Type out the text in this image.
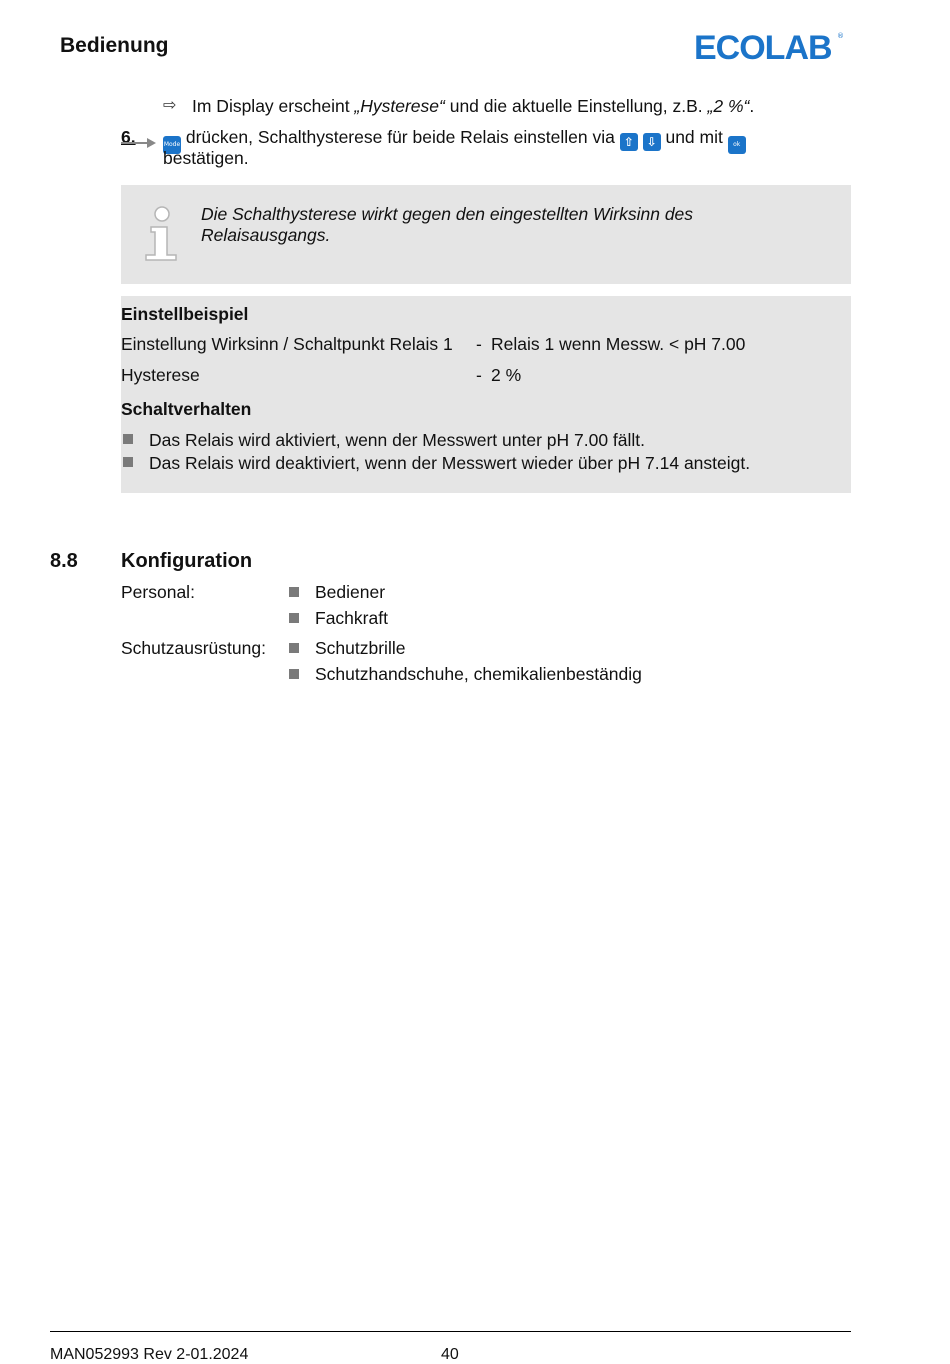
Bedienung	ECOLAB ®
⇨ Im Display erscheint „Hysterese“ und die aktuelle Einstellung, z.B. „2 %“.
6.	Mode drücken, Schalthysterese für beide Relais einstellen via ⇧ ⇩ und mit ok
bestätigen.
Die Schalthysterese wirkt gegen den eingestellten Wirksinn des
Relaisausgangs.
Einstellbeispiel
Einstellung Wirksinn / Schaltpunkt Relais 1 - Relais 1 wenn Messw. < pH 7.00
Hysterese	- 2 %
Schaltverhalten
Das Relais wird aktiviert, wenn der Messwert unter pH 7.00 fällt.
Das Relais wird deaktiviert, wenn der Messwert wieder über pH 7.14 ansteigt.
8.8 Konfiguration
Personal:	Bediener
Fachkraft
Schutzausrüstung:	Schutzbrille
Schutzhandschuhe, chemikalienbeständig
MAN052993 Rev 2-01.2024	40
